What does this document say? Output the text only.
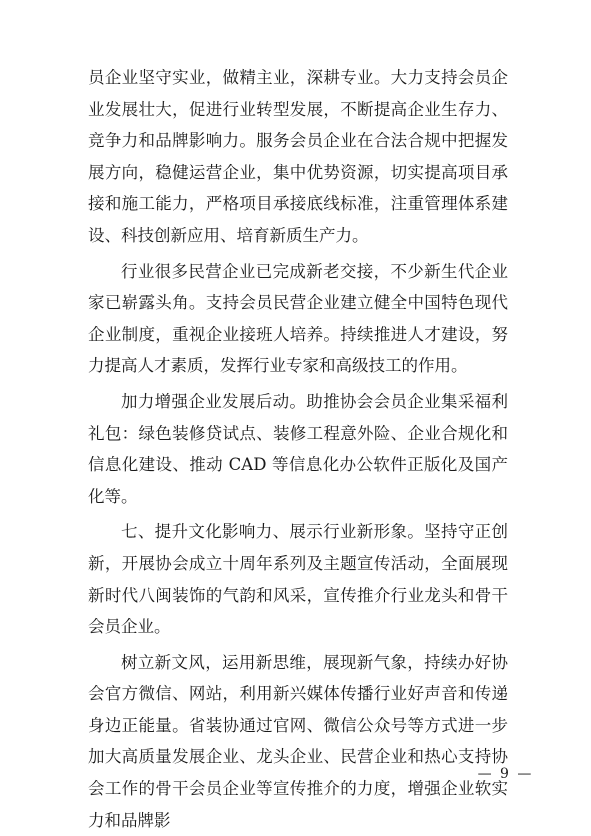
员企业坚守实业，做精主业，深耕专业。大力支持会员企业发展壮大，促进行业转型发展，不断提高企业生存力、竞争力和品牌影响力。服务会员企业在合法合规中把握发展方向，稳健运营企业，集中优势资源，切实提高项目承接和施工能力，严格项目承接底线标准，注重管理体系建设、科技创新应用、培育新质生产力。

行业很多民营企业已完成新老交接，不少新生代企业家已崭露头角。支持会员民营企业建立健全中国特色现代企业制度，重视企业接班人培养。持续推进人才建设，努力提高人才素质，发挥行业专家和高级技工的作用。

加力增强企业发展后动。助推协会会员企业集采福利礼包：绿色装修贷试点、装修工程意外险、企业合规化和信息化建设、推动 CAD 等信息化办公软件正版化及国产化等。

七、提升文化影响力、展示行业新形象。坚持守正创新，开展协会成立十周年系列及主题宣传活动，全面展现新时代八闽装饰的气韵和风采，宣传推介行业龙头和骨干会员企业。

树立新文风，运用新思维，展现新气象，持续办好协会官方微信、网站，利用新兴媒体传播行业好声音和传递身边正能量。省装协通过官网、微信公众号等方式进一步加大高质量发展企业、龙头企业、民营企业和热心支持协会工作的骨干会员企业等宣传推介的力度，增强企业软实力和品牌影

— 9 —
